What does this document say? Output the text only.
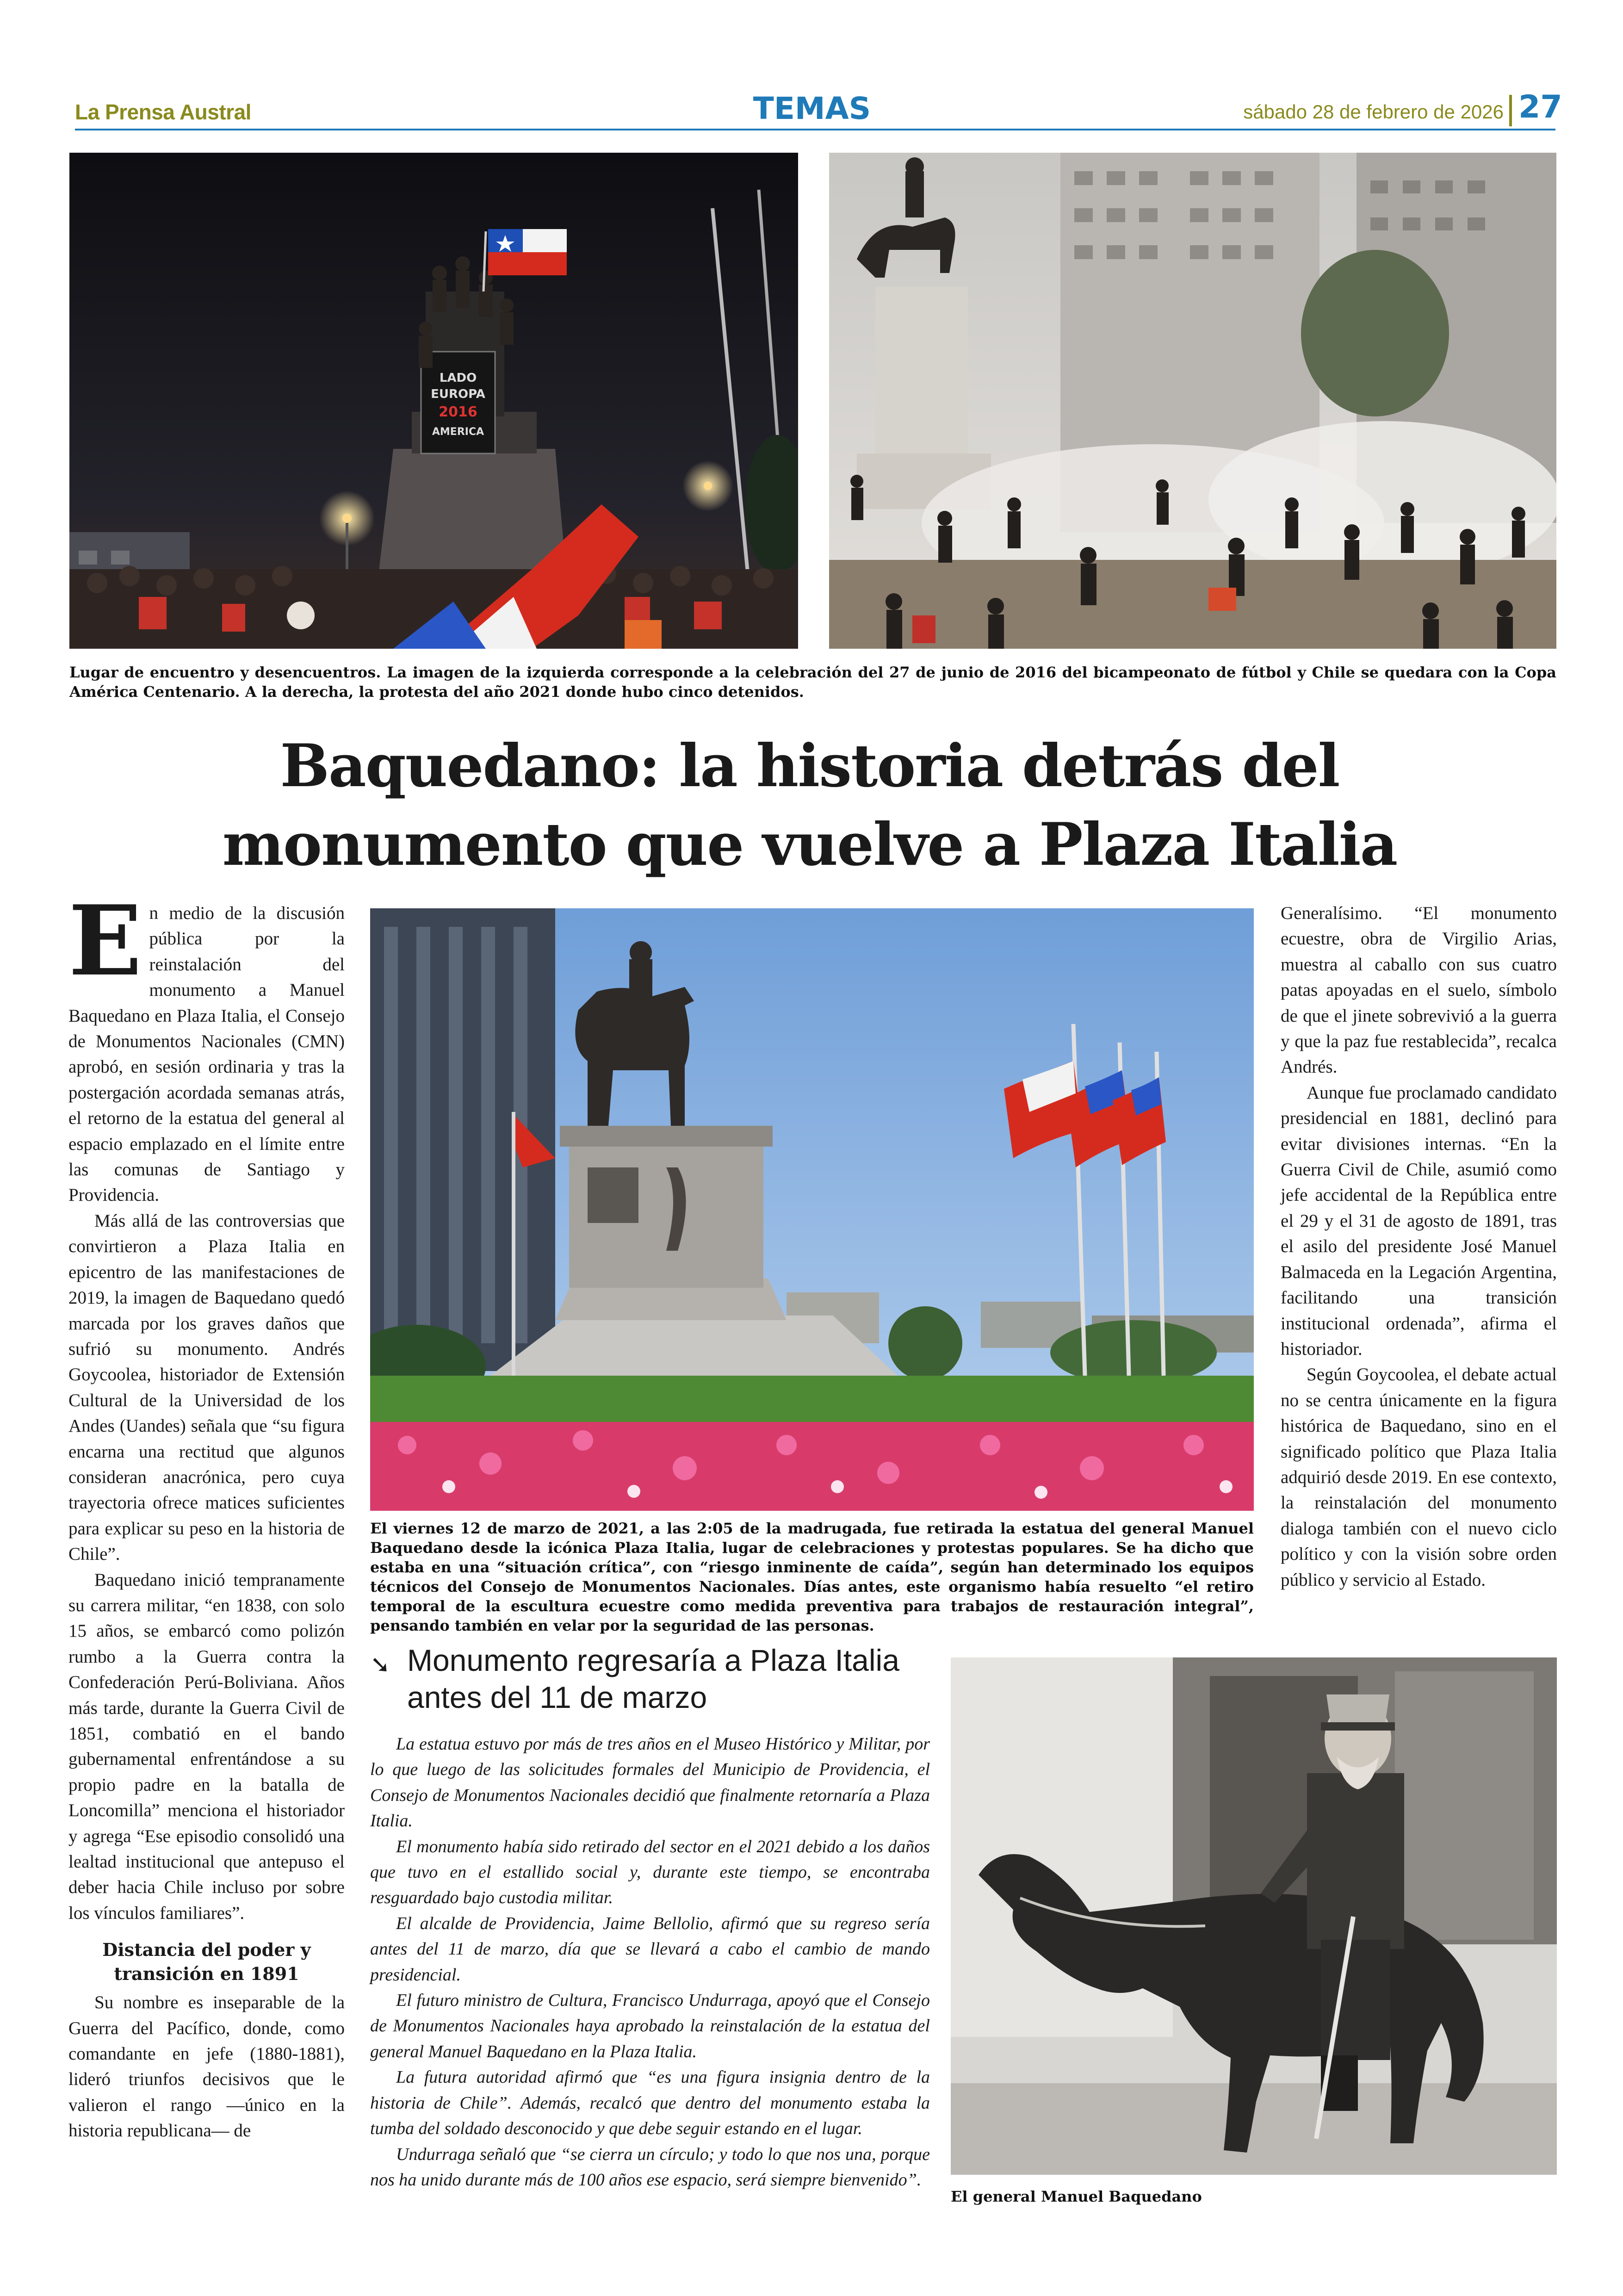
La Prensa Austral	TEMAS	sábado 28 de febrero de 2026 27
LADO
EUROPA
2016
AMERICA
Lugar de encuentro y desencuentros. La imagen de la izquierda corresponde a la celebración del 27 de junio de 2016 del bicampeonato de fútbol y Chile se quedara con la Copa América Centenario. A la derecha, la protesta del año 2021 donde hubo cinco detenidos.
Baquedano: la historia detrás del
monumento que vuelve a Plaza Italia

En medio de la discusión pública por la reinstalación del monumento a Manuel Baquedano en Plaza Italia, el Consejo de Monumentos Nacionales (CMN) aprobó, en sesión ordinaria y tras la postergación acordada semanas atrás, el retorno de la estatua del general al espacio emplazado en el límite entre las comunas de Santiago y Providencia.

Más allá de las controversias que convirtieron a Plaza Italia en epicentro de las manifestaciones de 2019, la imagen de Baquedano quedó marcada por los graves daños que sufrió su monumento. Andrés Goycoolea, historiador de Extensión Cultural de la Universidad de los Andes (Uandes) señala que “su figura encarna una rectitud que algunos consideran anacrónica, pero cuya trayectoria ofrece matices suficientes para explicar su peso en la historia de Chile”.

Baquedano inició tempranamente su carrera militar, “en 1838, con solo 15 años, se embarcó como polizón rumbo a la Guerra contra la Confederación Perú-Boliviana. Años más tarde, durante la Guerra Civil de 1851, combatió en el bando gubernamental enfrentándose a su propio padre en la batalla de Loncomilla” menciona el historiador y agrega “Ese episodio consolidó una lealtad institucional que antepuso el deber hacia Chile incluso por sobre los vínculos familiares”.

Distancia del poder y transición en 1891

Su nombre es inseparable de la Guerra del Pacífico, donde, como comandante en jefe (1880-1881), lideró triunfos decisivos que le valieron el rango —único en la historia republicana— de

El viernes 12 de marzo de 2021, a las 2:05 de la madrugada, fue retirada la estatua del general Manuel Baquedano desde la icónica Plaza Italia, lugar de celebraciones y protestas populares. Se ha dicho que estaba en una “situación crítica”, con “riesgo inminente de caída”, según han determinado los equipos técnicos del Consejo de Monumentos Nacionales. Días antes, este organismo había resuelto “el retiro temporal de la escultura ecuestre como medida preventiva para trabajos de restauración integral”, pensando también en velar por la seguridad de las personas.

Generalísimo. “El monumento ecuestre, obra de Virgilio Arias, muestra al caballo con sus cuatro patas apoyadas en el suelo, símbolo de que el jinete sobrevivió a la guerra y que la paz fue restablecida”, recalca Andrés.

Aunque fue proclamado candidato presidencial en 1881, declinó para evitar divisiones internas. “En la Guerra Civil de Chile, asumió como jefe accidental de la República entre el 29 y el 31 de agosto de 1891, tras el asilo del presidente José Manuel Balmaceda en la Legación Argentina, facilitando una transición institucional ordenada”, afirma el historiador.

Según Goycoolea, el debate actual no se centra únicamente en la figura histórica de Baquedano, sino en el significado político que Plaza Italia adquirió desde 2019. En ese contexto, la reinstalación del monumento dialoga también con el nuevo ciclo político y con la visión sobre orden público y servicio al Estado.

➘ Monumento regresaría a Plaza Italia antes del 11 de marzo

La estatua estuvo por más de tres años en el Museo Histórico y Militar, por lo que luego de las solicitudes formales del Municipio de Providencia, el Consejo de Monumentos Nacionales decidió que finalmente retornaría a Plaza Italia.

El monumento había sido retirado del sector en el 2021 debido a los daños que tuvo en el estallido social y, durante este tiempo, se encontraba resguardado bajo custodia militar.

El alcalde de Providencia, Jaime Bellolio, afirmó que su regreso sería antes del 11 de marzo, día que se llevará a cabo el cambio de mando presidencial.

El futuro ministro de Cultura, Francisco Undurraga, apoyó que el Consejo de Monumentos Nacionales haya aprobado la reinstalación de la estatua del general Manuel Baquedano en la Plaza Italia.

La futura autoridad afirmó que “es una figura insignia dentro de la historia de Chile”. Además, recalcó que dentro del monumento estaba la tumba del soldado desconocido y que debe seguir estando en el lugar.

Undurraga señaló que “se cierra un círculo; y todo lo que nos una, porque nos ha unido durante más de 100 años ese espacio, será siempre bienvenido”.

El general Manuel Baquedano
